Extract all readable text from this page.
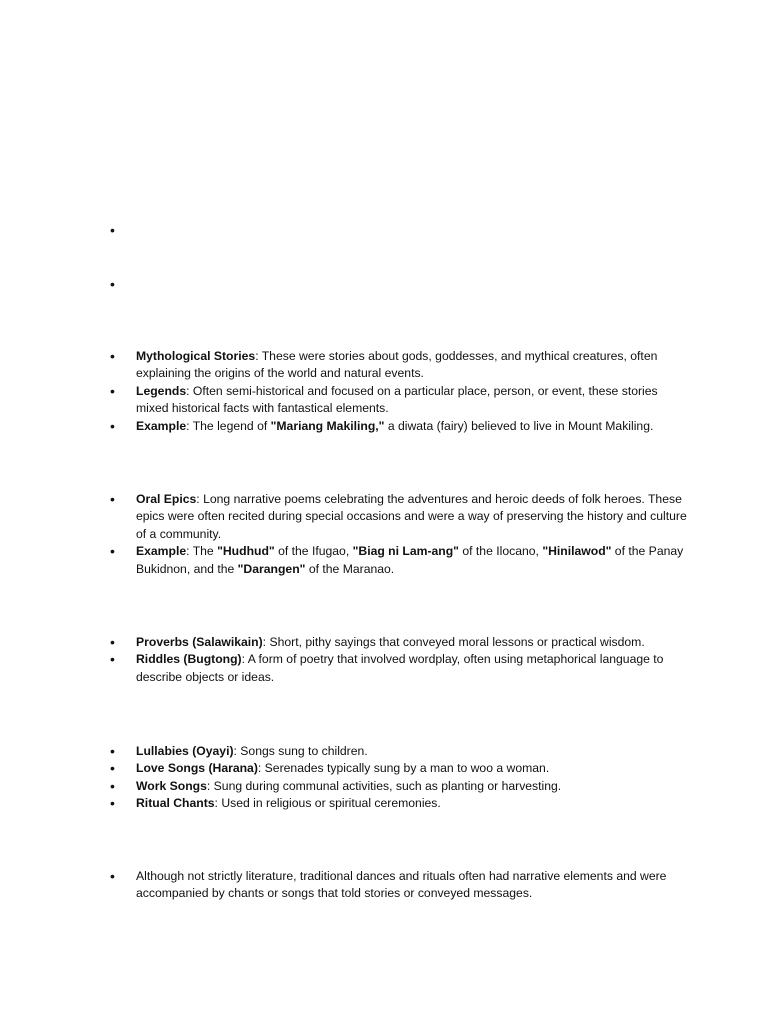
•
•
• Mythological Stories: These were stories about gods, goddesses, and mythical creatures, often explaining the origins of the world and natural events.
• Legends: Often semi-historical and focused on a particular place, person, or event, these stories mixed historical facts with fantastical elements.
• Example: The legend of "Mariang Makiling," a diwata (fairy) believed to live in Mount Makiling.
• Oral Epics: Long narrative poems celebrating the adventures and heroic deeds of folk heroes. These epics were often recited during special occasions and were a way of preserving the history and culture of a community.
• Example: The "Hudhud" of the Ifugao, "Biag ni Lam-ang" of the Ilocano, "Hinilawod" of the Panay Bukidnon, and the "Darangen" of the Maranao.
• Proverbs (Salawikain): Short, pithy sayings that conveyed moral lessons or practical wisdom.
• Riddles (Bugtong): A form of poetry that involved wordplay, often using metaphorical language to describe objects or ideas.
• Lullabies (Oyayi): Songs sung to children.
• Love Songs (Harana): Serenades typically sung by a man to woo a woman.
• Work Songs: Sung during communal activities, such as planting or harvesting.
• Ritual Chants: Used in religious or spiritual ceremonies.
• Although not strictly literature, traditional dances and rituals often had narrative elements and were accompanied by chants or songs that told stories or conveyed messages.
